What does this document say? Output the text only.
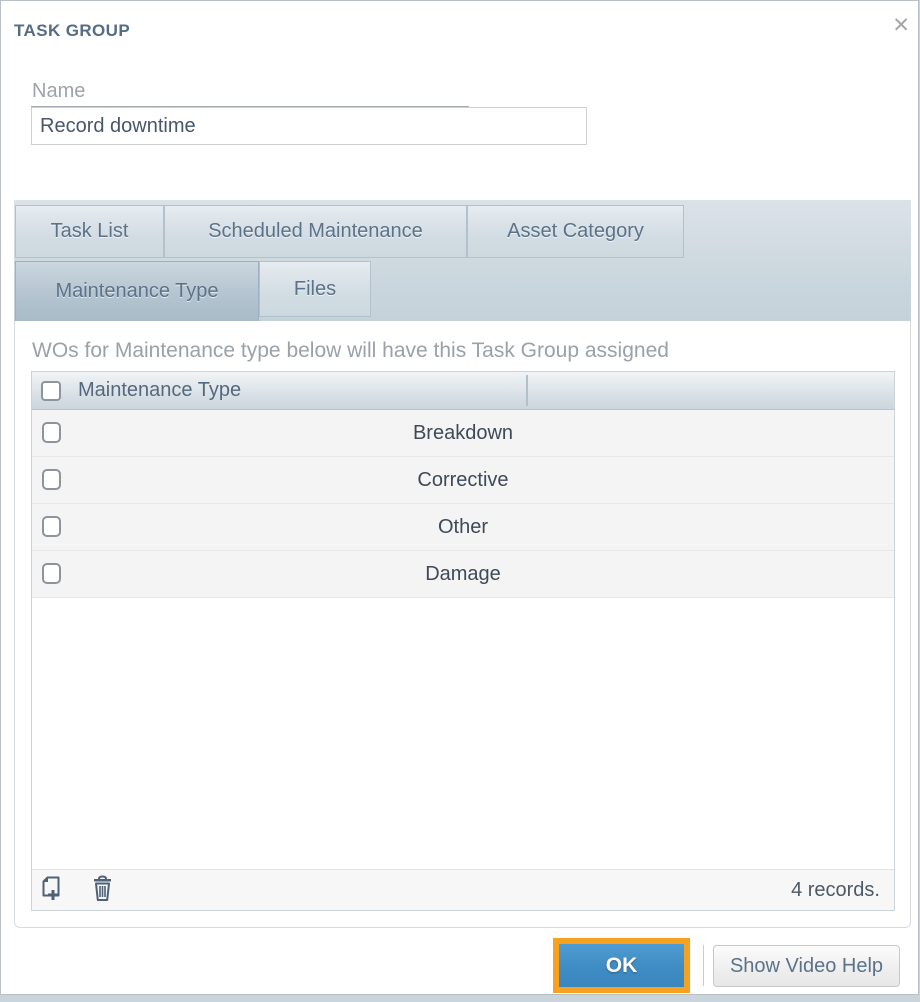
TASK GROUP	✕
Name
Record downtime
Task List	Scheduled Maintenance	Asset Category
Maintenance Type	Files
WOs for Maintenance type below will have this Task Group assigned
Maintenance Type
Breakdown
Corrective
Other
Damage
4 records.
OK	Show Video Help
